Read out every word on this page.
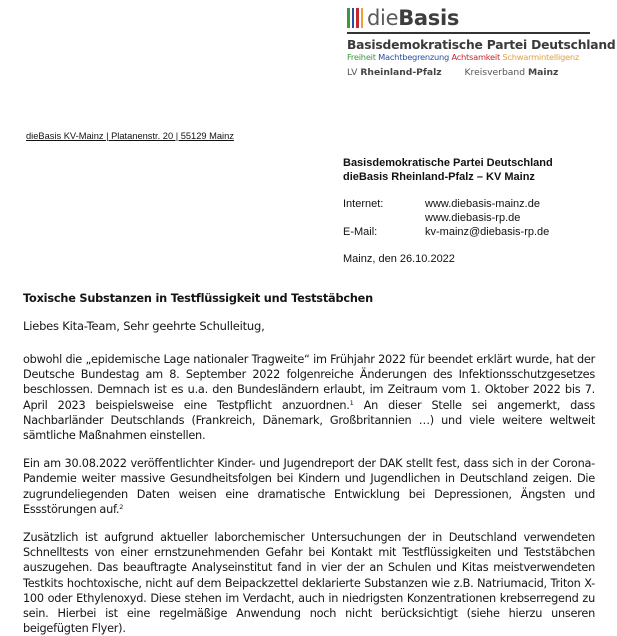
dieBasis
Basisdemokratische Partei Deutschland
Freiheit Machtbegrenzung Achtsamkeit Schwarmintelligenz
LV Rheinland-Pfalz Kreisverband Mainz
dieBasis KV-Mainz | Platanenstr. 20 | 55129 Mainz
Basisdemokratische Partei Deutschland
dieBasis Rheinland-Pfalz – KV Mainz
Internet:	www.diebasis-mainz.de
	www.diebasis-rp.de
E-Mail:	kv-mainz@diebasis-rp.de
Mainz, den 26.10.2022
Toxische Substanzen in Testflüssigkeit und Teststäbchen
Liebes Kita-Team, Sehr geehrte Schulleitug,

obwohl die „epidemische Lage nationaler Tragweite“ im Frühjahr 2022 für beendet erklärt wurde, hat der Deutsche Bundestag am 8. September 2022 folgenreiche Änderungen des Infektionsschutzgesetzes beschlossen. Demnach ist es u.a. den Bundesländern erlaubt, im Zeitraum vom 1. Oktober 2022 bis 7. April 2023 beispielsweise eine Testpflicht anzuordnen.$^1$ An dieser Stelle sei angemerkt, dass Nachbarländer Deutschlands (Frankreich, Dänemark, Großbritannien …) und viele weitere weltweit sämtliche Maßnahmen einstellen.

Ein am 30.08.2022 veröffentlichter Kinder- und Jugendreport der DAK stellt fest, dass sich in der Corona-Pandemie weiter massive Gesundheitsfolgen bei Kindern und Jugendlichen in Deutschland zeigen. Die zugrundeliegenden Daten weisen eine dramatische Entwicklung bei Depressionen, Ängsten und Essstörungen auf.$^2$

Zusätzlich ist aufgrund aktueller laborchemischer Untersuchungen der in Deutschland verwendeten Schnelltests von einer ernstzunehmenden Gefahr bei Kontakt mit Testflüssigkeiten und Teststäbchen auszugehen. Das beauftragte Analyseinstitut fand in vier der an Schulen und Kitas meistverwendeten Testkits hochtoxische, nicht auf dem Beipackzettel deklarierte Substanzen wie z.B. Natriumacid, Triton X-100 oder Ethylenoxyd. Diese stehen im Verdacht, auch in niedrigsten Konzentrationen krebserregend zu sein. Hierbei ist eine regelmäßige Anwendung noch nicht berücksichtigt (siehe hierzu unseren beigefügten Flyer).
